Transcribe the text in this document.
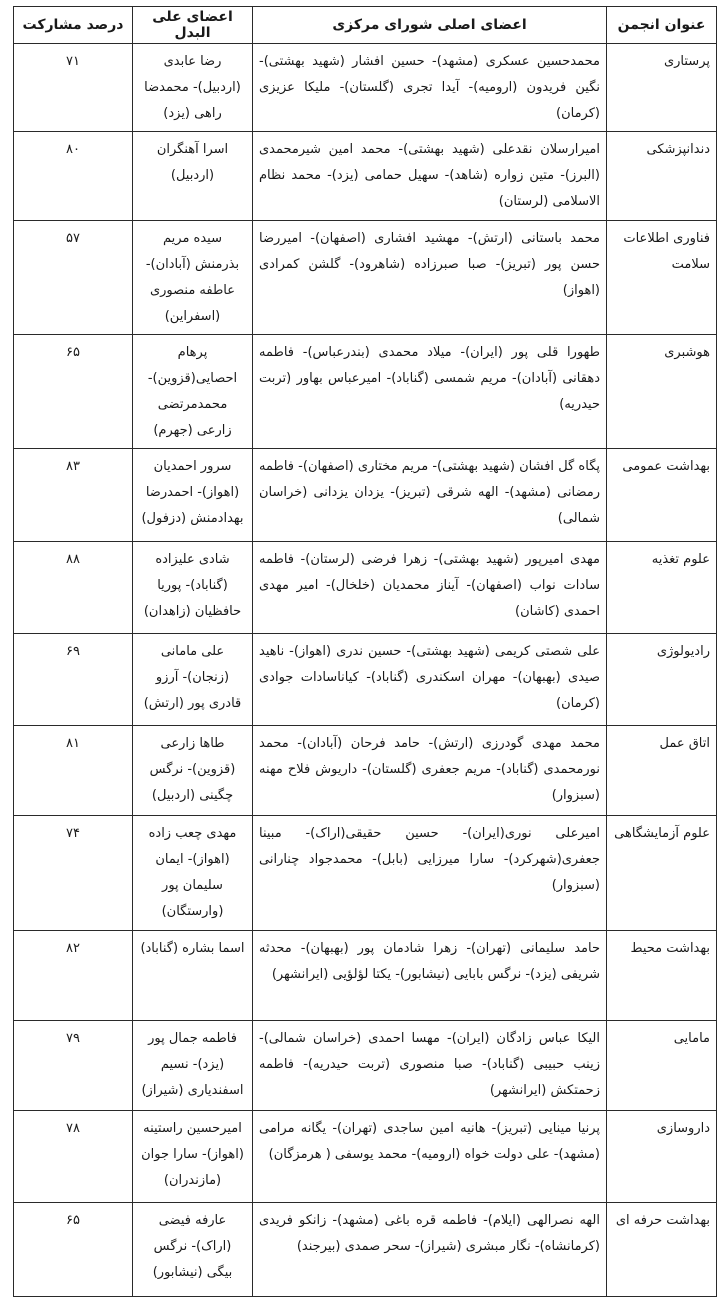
عنوان انجمن	اعضای اصلی شورای مرکزی	اعضای علی البدل	درصد مشارکت
پرستاری	محمدحسین عسکری (مشهد)- حسین افشار (شهید بهشتی)- نگین فریدون (ارومیه)- آیدا تجری (گلستان)- ملیکا عزیزی (کرمان)	رضا عابدی (اردبیل)- محمدضا راهی (یزد)	۷۱
دندانپزشکی	امیرارسلان نقدعلی (شهید بهشتی)- محمد امین شیرمحمدی (البرز)- متین زواره (شاهد)- سهیل حمامی (یزد)- محمد نظام الاسلامی (لرستان)	اسرا آهنگران (اردبیل)	۸۰
فناوری اطلاعات سلامت	محمد باستانی (ارتش)- مهشید افشاری (اصفهان)- امیررضا حسن پور (تبریز)- صبا صبرزاده (شاهرود)- گلشن کمرادی (اهواز)	سیده مریم بذرمنش (آبادان)- عاطفه منصوری (اسفراین)	۵۷
هوشبری	طهورا قلی پور (ایران)- میلاد محمدی (بندرعباس)- فاطمه دهقانی (آبادان)- مریم شمسی (گناباد)- امیرعباس بهاور (تربت حیدریه)	پرهام احصایی(قزوین)- محمدمرتضی زارعی (جهرم)	۶۵
بهداشت عمومی	پگاه گل افشان (شهید بهشتی)- مریم مختاری (اصفهان)- فاطمه رمضانی (مشهد)- الهه شرقی (تبریز)- یزدان یزدانی (خراسان شمالی)	سرور احمدیان (اهواز)- احمدرضا بهدادمنش (دزفول)	۸۳
علوم تغذیه	مهدی امیرپور (شهید بهشتی)- زهرا فرضی (لرستان)- فاطمه سادات نواب (اصفهان)- آیناز محمدیان (خلخال)- امیر مهدی احمدی (کاشان)	شادی علیزاده (گناباد)- پوریا حافظیان (زاهدان)	۸۸
رادیولوژی	علی شصتی کریمی (شهید بهشتی)- حسین ندری (اهواز)- ناهید صیدی (بهبهان)- مهران اسکندری (گناباد)- کیاناسادات جوادی (کرمان)	علی مامانی (زنجان)- آرزو قادری پور (ارتش)	۶۹
اتاق عمل	محمد مهدی گودرزی (ارتش)- حامد فرحان (آبادان)- محمد نورمحمدی (گناباد)- مریم جعفری (گلستان)- داریوش فلاح مهنه (سبزوار)	طاها زارعی (قزوین)- نرگس چگینی (اردبیل)	۸۱
علوم آزمایشگاهی	امیرعلی نوری(ایران)- حسین حقیقی(اراک)- مبینا جعفری(شهرکرد)- سارا میرزایی (بابل)- محمدجواد چنارانی (سبزوار)	مهدی چعب زاده (اهواز)- ایمان سلیمان پور (وارستگان)	۷۴
بهداشت محیط	حامد سلیمانی (تهران)- زهرا شادمان پور (بهبهان)- محدثه شریفی (یزد)- نرگس بابایی (نیشابور)- یکتا لؤلؤیی (ایرانشهر)	اسما بشاره (گناباد)	۸۲
مامایی	الیکا عباس زادگان (ایران)- مهسا احمدی (خراسان شمالی)- زینب حبیبی (گناباد)- صبا منصوری (تربت حیدریه)- فاطمه زحمتکش (ایرانشهر)	فاطمه جمال پور (یزد)- نسیم اسفندیاری (شیراز)	۷۹
داروسازی	پرنیا مینایی (تبریز)- هانیه امین ساجدی (تهران)- یگانه مرامی (مشهد)- علی دولت خواه (ارومیه)- محمد یوسفی ( هرمزگان)	امیرحسین راستینه (اهواز)- سارا جوان (مازندران)	۷۸
بهداشت حرفه ای	الهه نصرالهی (ایلام)- فاطمه قره باغی (مشهد)- زانکو فریدی (کرمانشاه)- نگار مبشری (شیراز)- سحر صمدی (بیرجند)	عارفه فیضی (اراک)- نرگس بیگی (نیشابور)	۶۵
